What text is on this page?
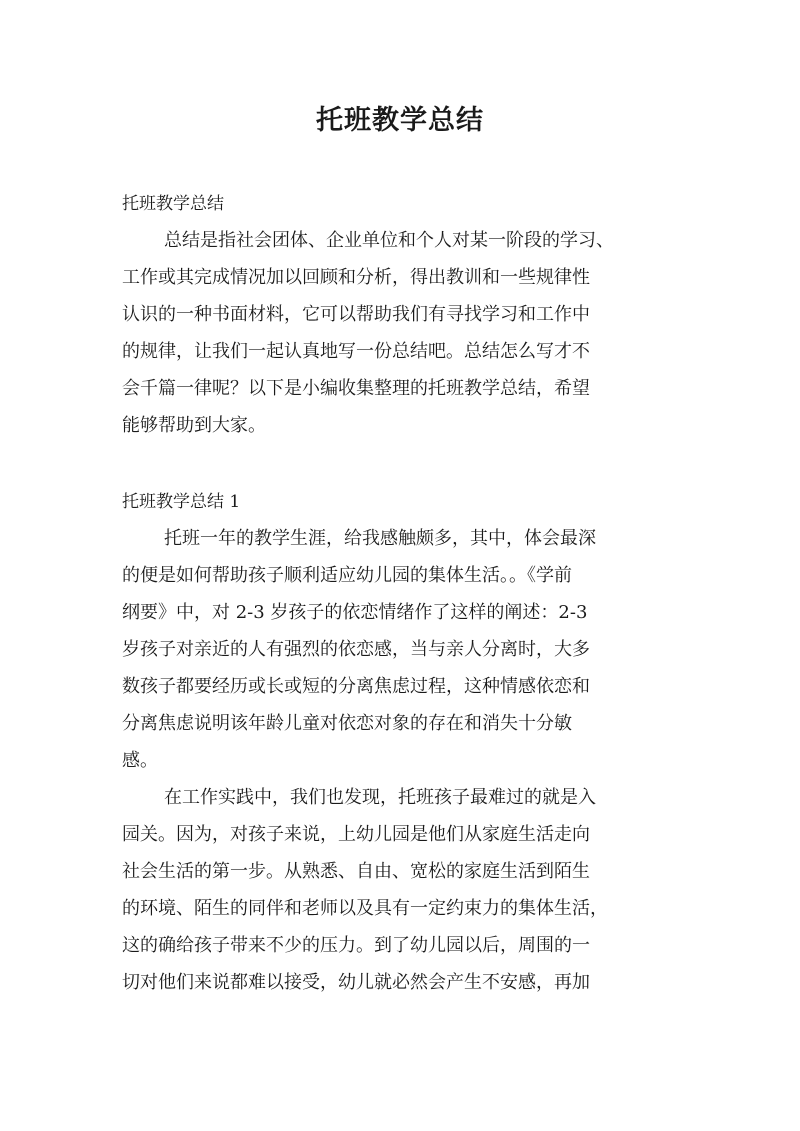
托班教学总结

托班教学总结

总结是指社会团体、企业单位和个人对某一阶段的学习、

工作或其完成情况加以回顾和分析，得出教训和一些规律性

认识的一种书面材料，它可以帮助我们有寻找学习和工作中

的规律，让我们一起认真地写一份总结吧。总结怎么写才不

会千篇一律呢？以下是小编收集整理的托班教学总结，希望

能够帮助到大家。

托班教学总结 1

托班一年的教学生涯，给我感触颇多，其中，体会最深

的便是如何帮助孩子顺利适应幼儿园的集体生活。。《学前

纲要》中，对 2-3 岁孩子的依恋情绪作了这样的阐述：2-3

岁孩子对亲近的人有强烈的依恋感，当与亲人分离时，大多

数孩子都要经历或长或短的分离焦虑过程，这种情感依恋和

分离焦虑说明该年龄儿童对依恋对象的存在和消失十分敏

感。

在工作实践中，我们也发现，托班孩子最难过的就是入

园关。因为，对孩子来说，上幼儿园是他们从家庭生活走向

社会生活的第一步。从熟悉、自由、宽松的家庭生活到陌生

的环境、陌生的同伴和老师以及具有一定约束力的集体生活，

这的确给孩子带来不少的压力。到了幼儿园以后，周围的一

切对他们来说都难以接受，幼儿就必然会产生不安感，再加
